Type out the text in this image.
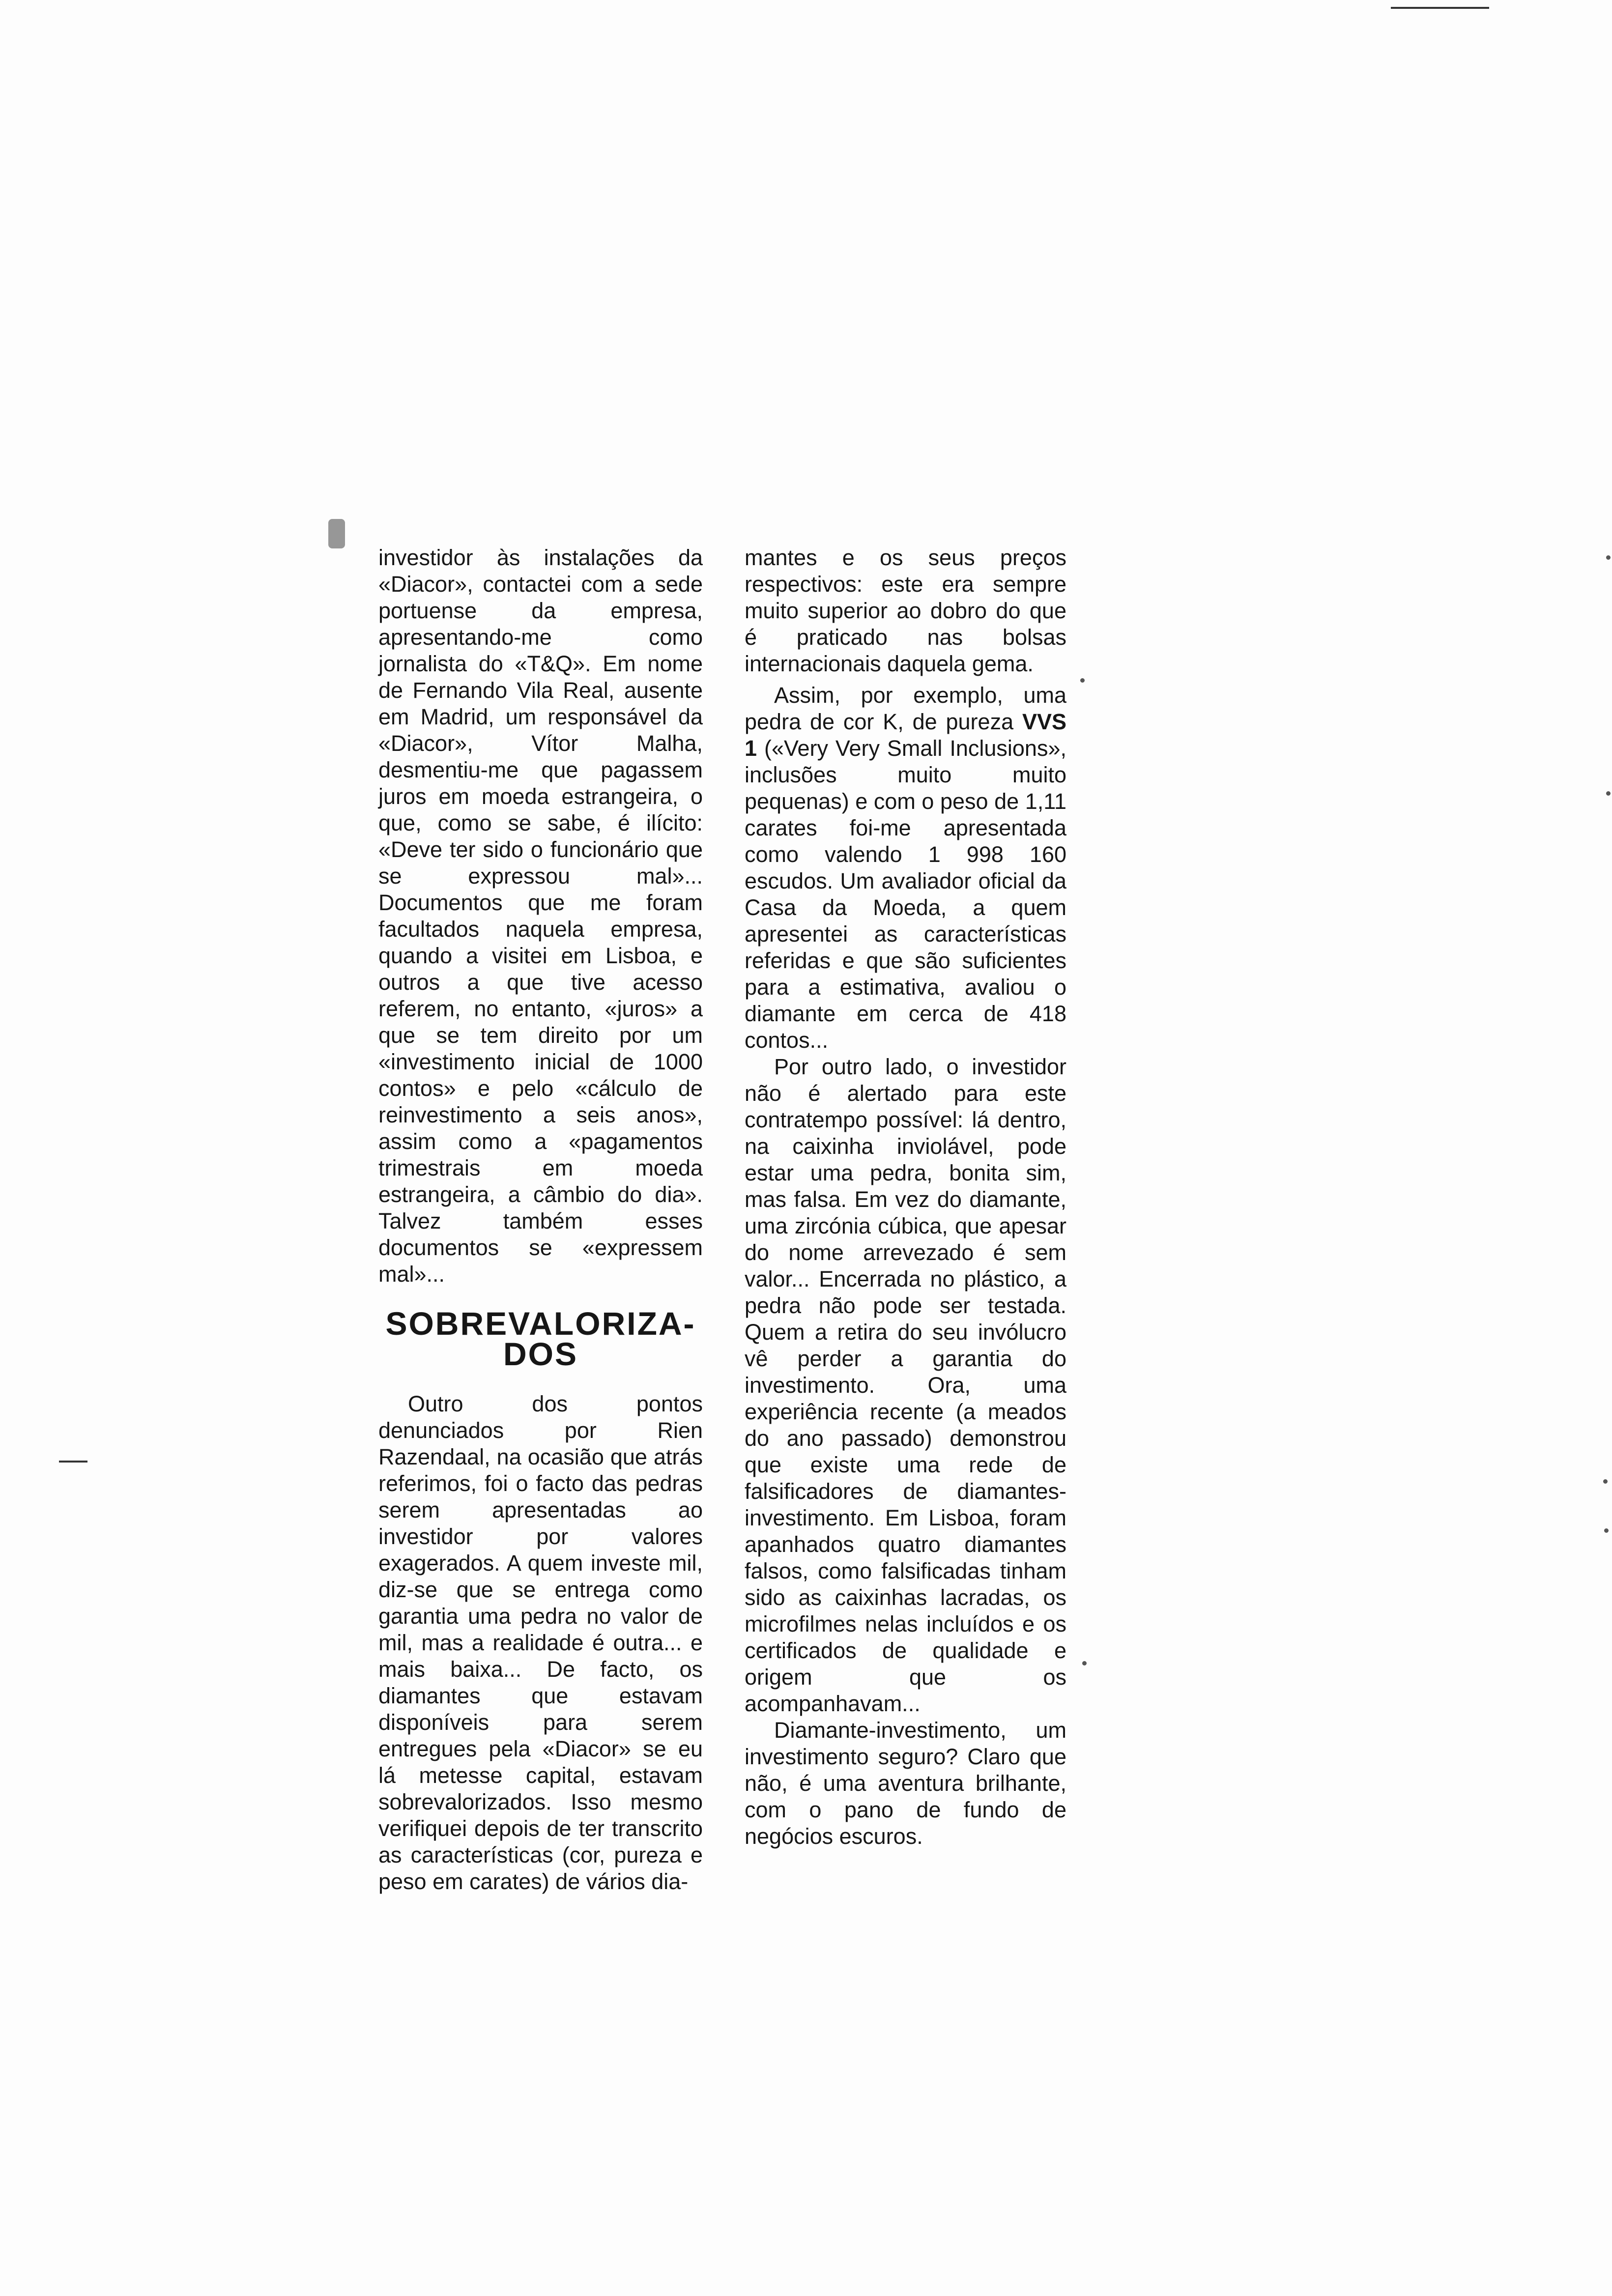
investidor às instalações da «Diacor», contactei com a sede portuense da empresa, apresentando-me como jornalista do «T&Q». Em nome de Fernando Vila Real, ausente em Madrid, um responsável da «Diacor», Vítor Malha, desmentiu-me que pagassem juros em moeda estrangeira, o que, como se sabe, é ilícito: «Deve ter sido o funcionário que se expressou mal»... Documentos que me foram facultados naquela empresa, quando a visitei em Lisboa, e outros a que tive acesso referem, no entanto, «juros» a que se tem direito por um «investimento inicial de 1000 contos» e pelo «cálculo de reinvestimento a seis anos», assim como a «pagamentos trimestrais em moeda estrangeira, a câmbio do dia». Talvez também esses documentos se «expressem mal»...

SOBREVALORIZA-
DOS

Outro dos pontos denunciados por Rien Razendaal, na ocasião que atrás referimos, foi o facto das pedras serem apresentadas ao investidor por valores exagerados. A quem investe mil, diz-se que se entrega como garantia uma pedra no valor de mil, mas a realidade é outra... e mais baixa... De facto, os diamantes que estavam disponíveis para serem entregues pela «Diacor» se eu lá metesse capital, estavam sobrevalorizados. Isso mesmo verifiquei depois de ter transcrito as características (cor, pureza e peso em carates) de vários dia-

mantes e os seus preços respectivos: este era sempre muito superior ao dobro do que é praticado nas bolsas internacionais daquela gema.

Assim, por exemplo, uma pedra de cor K, de pureza VVS 1 («Very Very Small Inclusions», inclusões muito muito pequenas) e com o peso de 1,11 carates foi-me apresentada como valendo 1 998 160 escudos. Um avaliador oficial da Casa da Moeda, a quem apresentei as características referidas e que são suficientes para a estimativa, avaliou o diamante em cerca de 418 contos...

Por outro lado, o investidor não é alertado para este contratempo possível: lá dentro, na caixinha inviolável, pode estar uma pedra, bonita sim, mas falsa. Em vez do diamante, uma zircónia cúbica, que apesar do nome arrevezado é sem valor... Encerrada no plástico, a pedra não pode ser testada. Quem a retira do seu invólucro vê perder a garantia do investimento. Ora, uma experiência recente (a meados do ano passado) demonstrou que existe uma rede de falsificadores de diamantes-investimento. Em Lisboa, foram apanhados quatro diamantes falsos, como falsificadas tinham sido as caixinhas lacradas, os microfilmes nelas incluídos e os certificados de qualidade e origem que os acompanhavam...

Diamante-investimento, um investimento seguro? Claro que não, é uma aventura brilhante, com o pano de fundo de negócios escuros.
